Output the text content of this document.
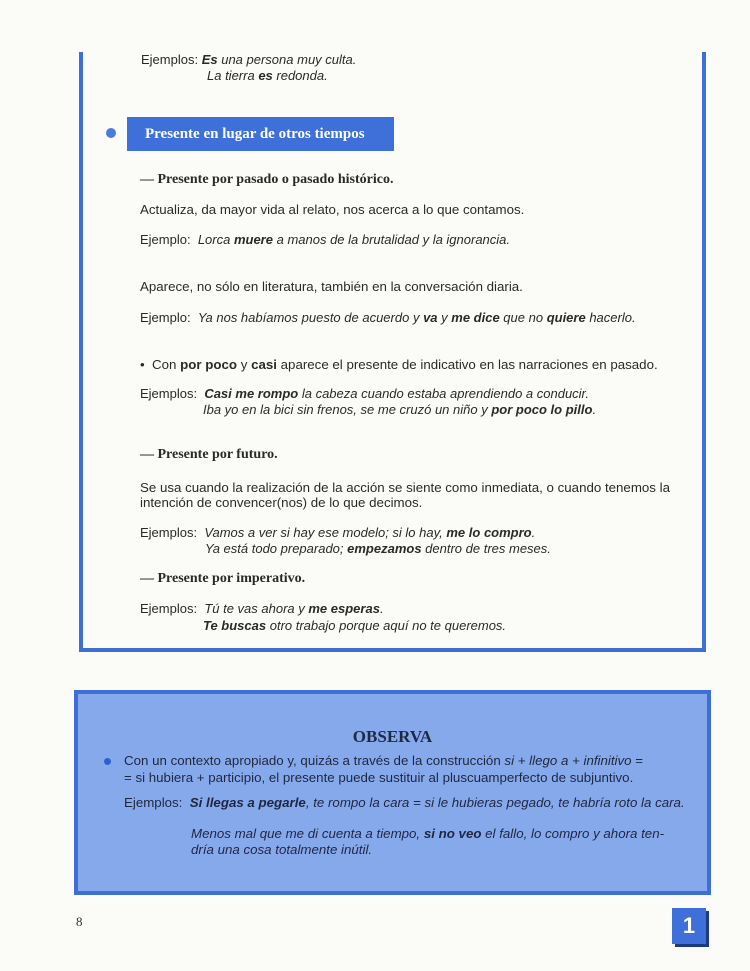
Ejemplos: Es una persona muy culta.
La tierra es redonda.
Presente en lugar de otros tiempos
— Presente por pasado o pasado histórico.

Actualiza, da mayor vida al relato, nos acerca a lo que contamos.

Ejemplo: Lorca muere a manos de la brutalidad y la ignorancia.

Aparece, no sólo en literatura, también en la conversación diaria.

Ejemplo: Ya nos habíamos puesto de acuerdo y va y me dice que no quiere hacerlo.
• Con por poco y casi aparece el presente de indicativo en las narraciones en pasado.
Ejemplos: Casi me rompo la cabeza cuando estaba aprendiendo a conducir.
Iba yo en la bici sin frenos, se me cruzó un niño y por poco lo pillo.
— Presente por futuro.

Se usa cuando la realización de la acción se siente como inmediata, o cuando tenemos la

intención de convencer(nos) de lo que decimos.

Ejemplos: Vamos a ver si hay ese modelo; si lo hay, me lo compro.
Ya está todo preparado; empezamos dentro de tres meses.
— Presente por imperativo.
Ejemplos: Tú te vas ahora y me esperas.
Te buscas otro trabajo porque aquí no te queremos.
OBSERVA
Con un contexto apropiado y, quizás a través de la construcción si + llego a + infinitivo =
= si hubiera + participio, el presente puede sustituir al pluscuamperfecto de subjuntivo.
Ejemplos: Si llegas a pegarle, te rompo la cara = si le hubieras pegado, te habría roto la cara.
Menos mal que me di cuenta a tiempo, si no veo el fallo, lo compro y ahora ten-
dría una cosa totalmente inútil.
8	1
